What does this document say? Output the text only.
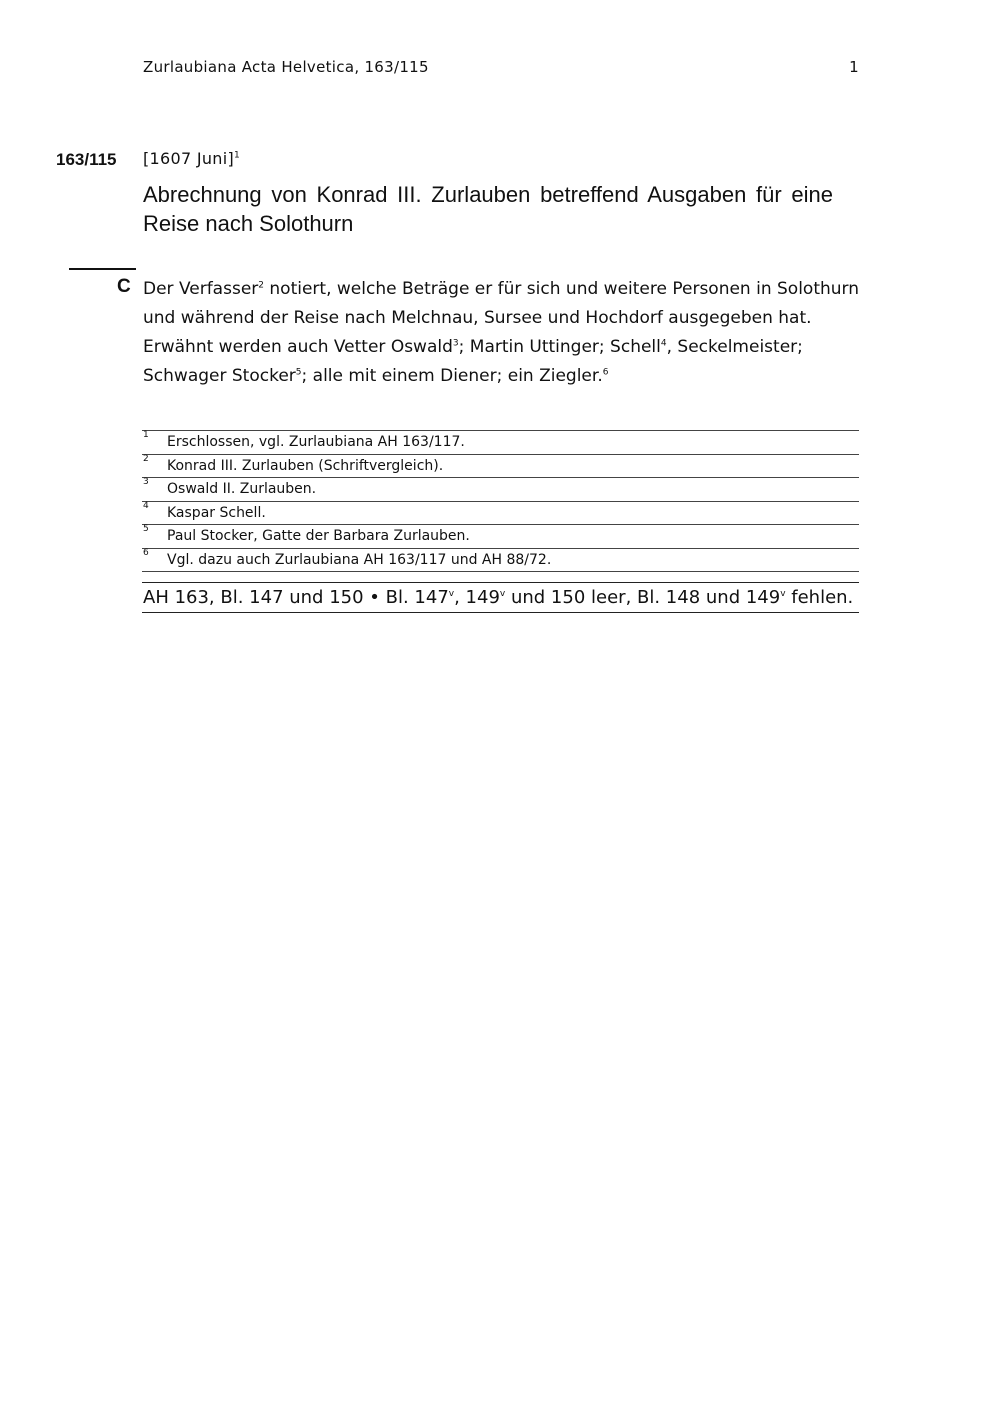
Zurlaubiana Acta Helvetica, 163/115	1
163/115 [1607 Juni]$^1$
Abrechnung von Konrad III. Zurlauben betreffend Ausgaben für eine Reise nach Solothurn
C Der Verfasser$^2$ notiert, welche Beträge er für sich und weitere Personen in Solothurn und während der Reise nach Melchnau, Sursee und Hochdorf ausgegeben hat. Erwähnt werden auch Vetter Oswald$^3$; Martin Uttinger; Schell$^4$, Seckelmeister; Schwager Stocker$^5$; alle mit einem Diener; ein Ziegler.$^6$

1 Erschlossen, vgl. Zurlaubiana AH 163/117.
2 Konrad III. Zurlauben (Schriftvergleich).
3 Oswald II. Zurlauben.
4 Kaspar Schell.
5 Paul Stocker, Gatte der Barbara Zurlauben.
6 Vgl. dazu auch Zurlaubiana AH 163/117 und AH 88/72.
AH 163, Bl. 147 und 150 • Bl. 147$^v$, 149$^v$ und 150 leer, Bl. 148 und 149$^v$ fehlen.
